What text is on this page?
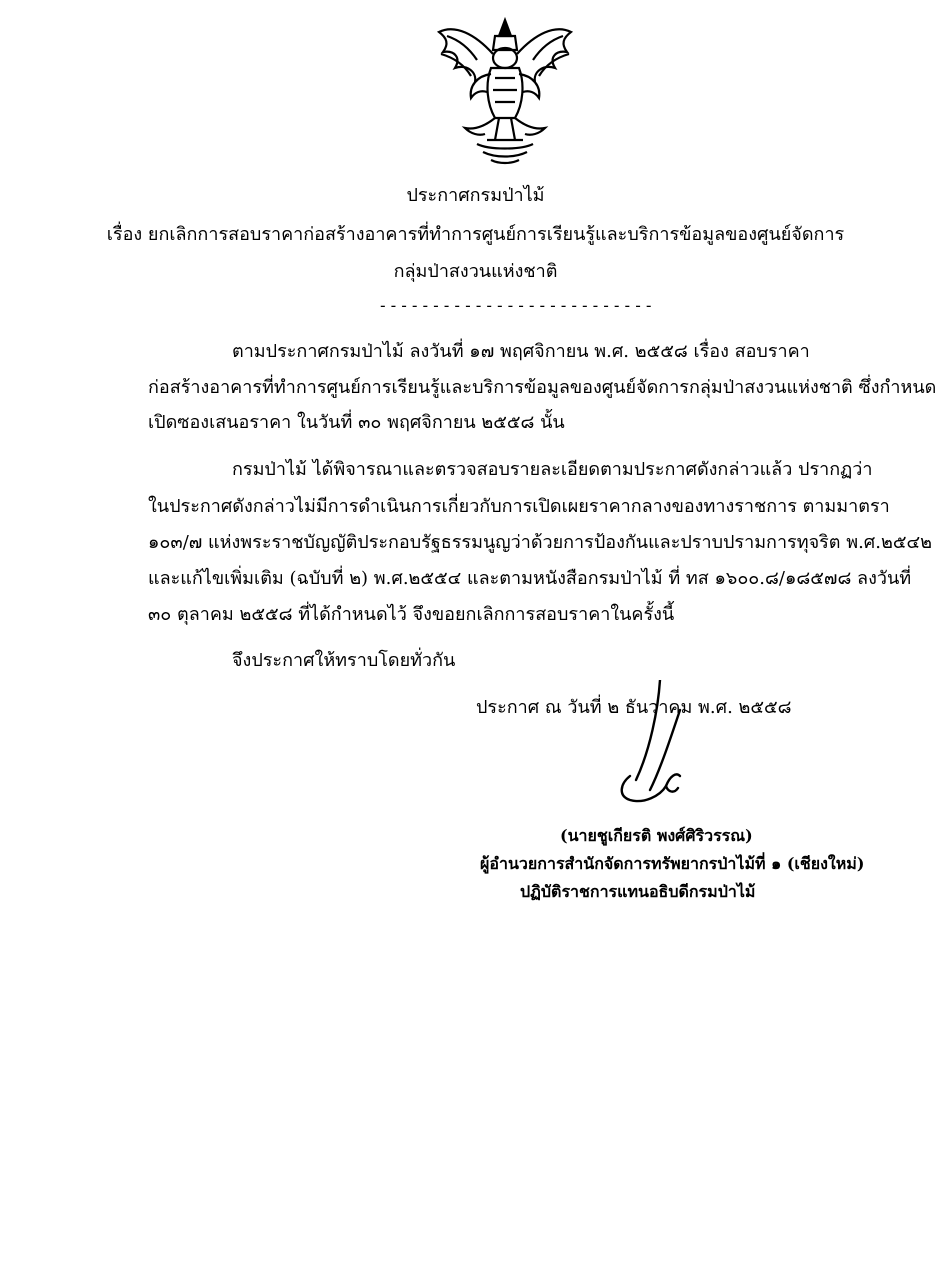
ประกาศกรมป่าไม้
เรื่อง ยกเลิกการสอบราคาก่อสร้างอาคารที่ทำการศูนย์การเรียนรู้และบริการข้อมูลของศูนย์จัดการ
กลุ่มป่าสงวนแห่งชาติ
--------------------------
ตามประกาศกรมป่าไม้ ลงวันที่ ๑๗ พฤศจิกายน พ.ศ. ๒๕๕๘ เรื่อง สอบราคา
ก่อสร้างอาคารที่ทำการศูนย์การเรียนรู้และบริการข้อมูลของศูนย์จัดการกลุ่มป่าสงวนแห่งชาติ ซึ่งกำหนด
เปิดซองเสนอราคา ในวันที่ ๓๐ พฤศจิกายน ๒๕๕๘ นั้น
กรมป่าไม้ ได้พิจารณาและตรวจสอบรายละเอียดตามประกาศดังกล่าวแล้ว ปรากฏว่า
ในประกาศดังกล่าวไม่มีการดำเนินการเกี่ยวกับการเปิดเผยราคากลางของทางราชการ ตามมาตรา
๑๐๓/๗ แห่งพระราชบัญญัติประกอบรัฐธรรมนูญว่าด้วยการป้องกันและปราบปรามการทุจริต พ.ศ.๒๕๔๒
และแก้ไขเพิ่มเติม (ฉบับที่ ๒) พ.ศ.๒๕๕๔ และตามหนังสือกรมป่าไม้ ที่ ทส ๑๖๐๐.๘/๑๘๕๗๘ ลงวันที่
๓๐ ตุลาคม ๒๕๕๘ ที่ได้กำหนดไว้ จึงขอยกเลิกการสอบราคาในครั้งนี้
จึงประกาศให้ทราบโดยทั่วกัน
ประกาศ ณ วันที่ ๒ ธันวาคม พ.ศ. ๒๕๕๘
(นายชูเกียรติ พงศ์ศิริวรรณ)
ผู้อำนวยการสำนักจัดการทรัพยากรป่าไม้ที่ ๑ (เชียงใหม่)
ปฏิบัติราชการแทนอธิบดีกรมป่าไม้
